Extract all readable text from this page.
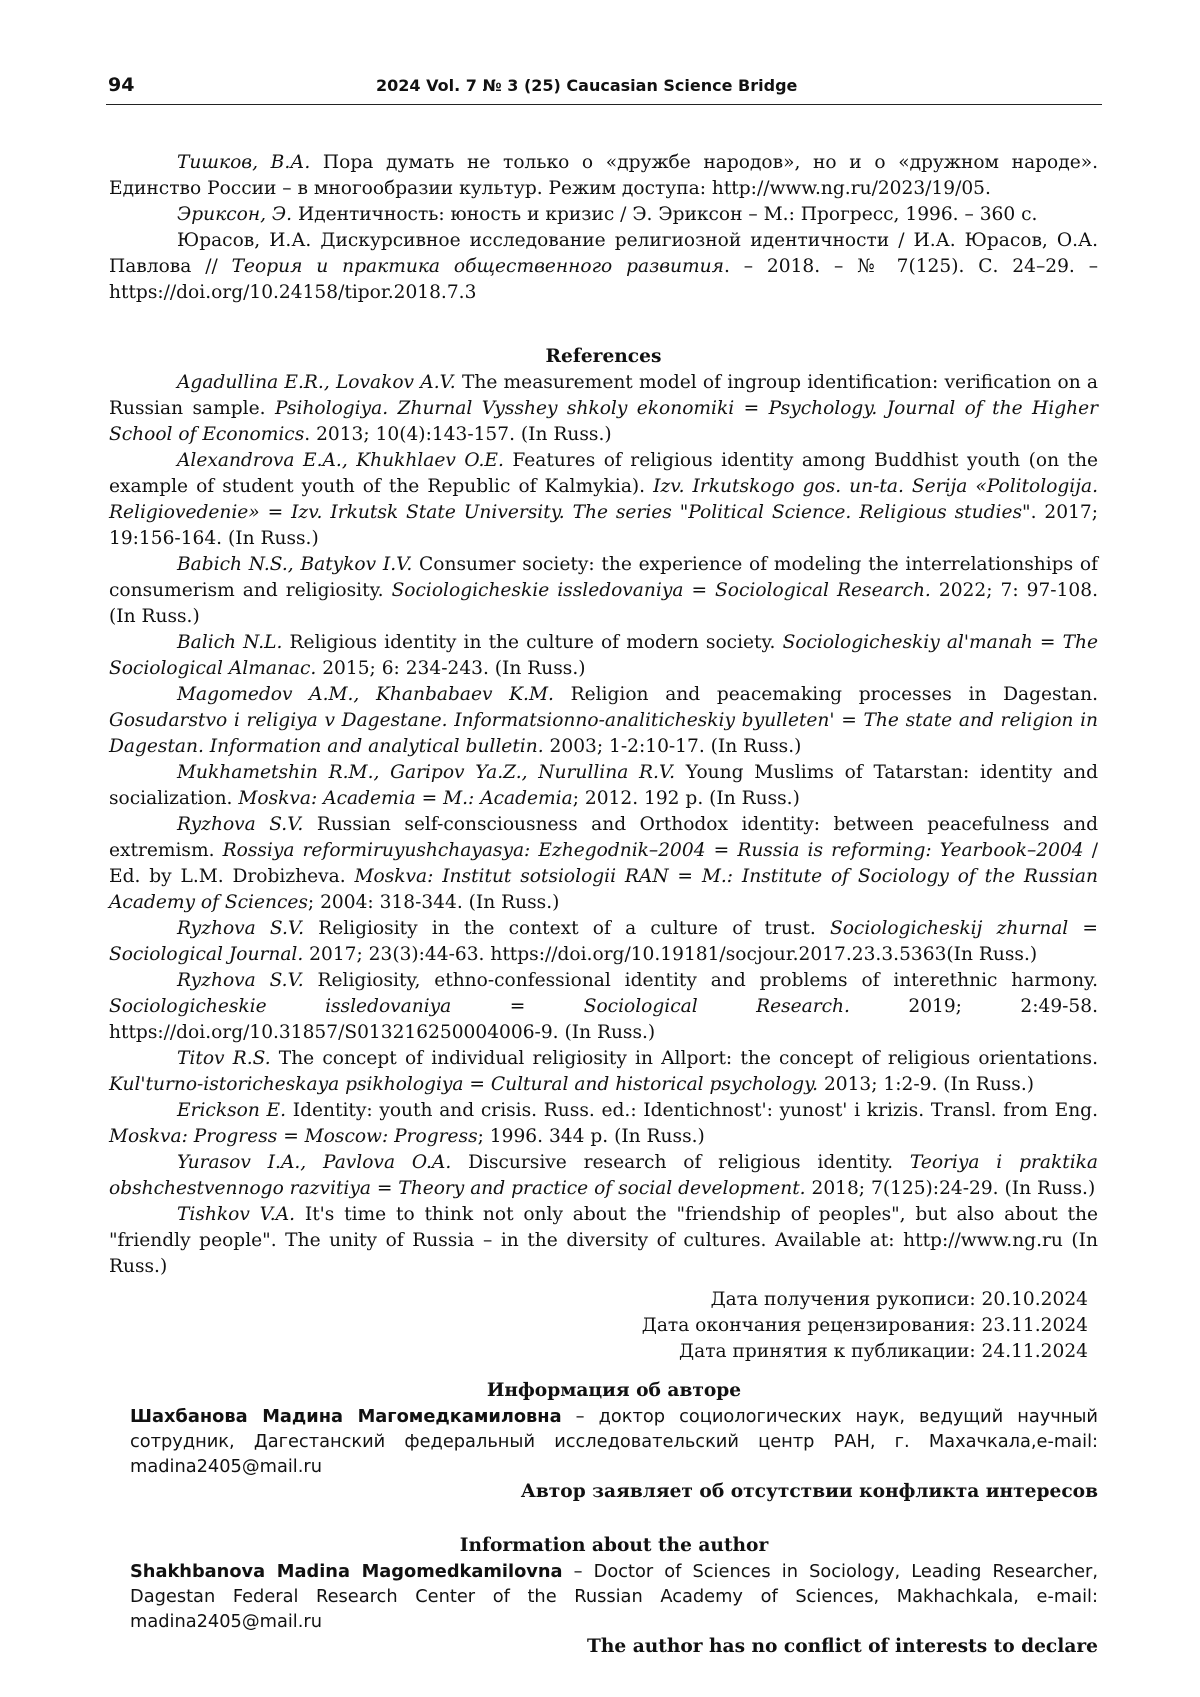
94	2024 Vol. 7 № 3 (25) Caucasian Science Bridge

Тишков, В.А. Пора думать не только о «дружбе народов», но и о «дружном народе». Единство России – в многообразии культур. Режим доступа: http://www.ng.ru/2023/19/05.

Эриксон, Э. Идентичность: юность и кризис / Э. Эриксон – М.: Прогресс, 1996. – 360 с.

Юрасов, И.А. Дискурсивное исследование религиозной идентичности / И.А. Юрасов, О.А. Павлова // Теория и практика общественного развития. – 2018. – № 7(125). С. 24–29. – https://doi.org/10.24158/tipor.2018.7.3

References

Agadullina E.R., Lovakov A.V. The measurement model of ingroup identification: verification on a Russian sample. Psihologiya. Zhurnal Vysshey shkoly ekonomiki = Psychology. Journal of the Higher School of Economics. 2013; 10(4):143-157. (In Russ.)

Alexandrova E.A., Khukhlaev O.E. Features of religious identity among Buddhist youth (on the example of student youth of the Republic of Kalmykia). Izv. Irkutskogo gos. un-ta. Serija «Politologija. Religiovedenie» = Izv. Irkutsk State University. The series "Political Science. Religious studies". 2017; 19:156-164. (In Russ.)

Babich N.S., Batykov I.V. Consumer society: the experience of modeling the interrelationships of consumerism and religiosity. Sociologicheskie issledovaniya = Sociological Research. 2022; 7: 97-108. (In Russ.)

Balich N.L. Religious identity in the culture of modern society. Sociologicheskiy al'manah = The Sociological Almanac. 2015; 6: 234-243. (In Russ.)

Magomedov A.M., Khanbabaev K.M. Religion and peacemaking processes in Dagestan. Gosudarstvo i religiya v Dagestane. Informatsionno-analiticheskiy byulleten' = The state and religion in Dagestan. Information and analytical bulletin. 2003; 1-2:10-17. (In Russ.)

Mukhametshin R.M., Garipov Ya.Z., Nurullina R.V. Young Muslims of Tatarstan: identity and socialization. Moskva: Academia = M.: Academia; 2012. 192 p. (In Russ.)

Ryzhova S.V. Russian self-consciousness and Orthodox identity: between peacefulness and extremism. Rossiya reformiruyushchayasya: Ezhegodnik–2004 = Russia is reforming: Yearbook–2004 / Ed. by L.M. Drobizheva. Moskva: Institut sotsiologii RAN = M.: Institute of Sociology of the Russian Academy of Sciences; 2004: 318-344. (In Russ.)

Ryzhova S.V. Religiosity in the context of a culture of trust. Sociologicheskij zhurnal = Sociological Journal. 2017; 23(3):44-63. https://doi.org/10.19181/socjour.2017.23.3.5363(In Russ.)

Ryzhova S.V. Religiosity, ethno-confessional identity and problems of interethnic harmony. Sociologicheskie issledovaniya = Sociological Research. 2019; 2:49-58. https://doi.org/10.31857/S013216250004006-9. (In Russ.)

Titov R.S. The concept of individual religiosity in Allport: the concept of religious orientations. Kul'turno-istoricheskaya psikhologiya = Cultural and historical psychology. 2013; 1:2-9. (In Russ.)

Erickson E. Identity: youth and crisis. Russ. ed.: Identichnost': yunost' i krizis. Transl. from Eng. Moskva: Progress = Moscow: Progress; 1996. 344 p. (In Russ.)

Yurasov I.A., Pavlova O.A. Discursive research of religious identity. Teoriya i praktika obshchestvennogo razvitiya = Theory and practice of social development. 2018; 7(125):24-29. (In Russ.)

Tishkov V.A. It's time to think not only about the "friendship of peoples", but also about the "friendly people". The unity of Russia – in the diversity of cultures. Available at: http://www.ng.ru (In Russ.)

Дата получения рукописи: 20.10.2024
Дата окончания рецензирования: 23.11.2024
Дата принятия к публикации: 24.11.2024
Информация об авторе

Шахбанова Мадина Магомедкамиловна – доктор социологических наук, ведущий научный сотрудник, Дагестанский федеральный исследовательский центр РАН, г. Махачкала,e-mail: madina2405@mail.ru

Автор заявляет об отсутствии конфликта интересов
Information about the author

Shakhbanova Madina Magomedkamilovna – Doctor of Sciences in Sociology, Leading Researcher, Dagestan Federal Research Center of the Russian Academy of Sciences, Makhachkala, e-mail: madina2405@mail.ru

The author has no conflict of interests to declare
